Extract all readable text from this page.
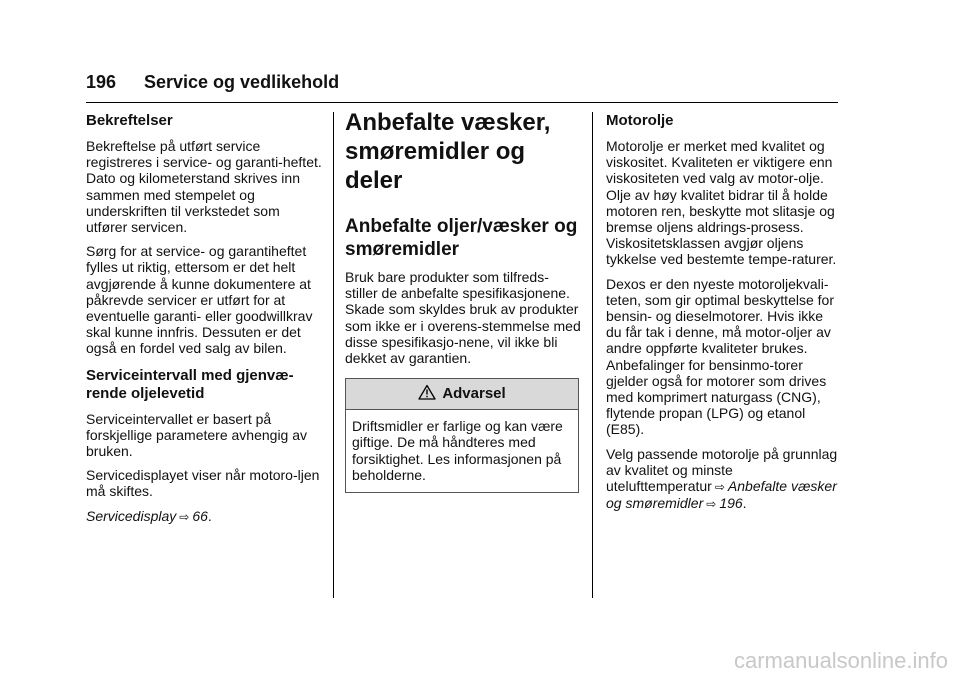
196 Service og vedlikehold
Bekreftelser

Bekreftelse på utført service registreres i service- og garanti-heftet. Dato og kilometerstand skrives inn sammen med stempelet og underskriften til verkstedet som utfører servicen.

Sørg for at service- og garantiheftet fylles ut riktig, ettersom er det helt avgjørende å kunne dokumentere at påkrevde servicer er utført for at eventuelle garanti- eller goodwillkrav skal kunne innfris. Dessuten er det også en fordel ved salg av bilen.

Serviceintervall med gjenvæ-rende oljelevetid

Serviceintervallet er basert på forskjellige parametere avhengig av bruken.

Servicedisplayet viser når motoro-ljen må skiftes.

Servicedisplay ⇨ 66.

Anbefalte væsker, smøremidler og deler
Anbefalte oljer/væsker og smøremidler

Bruk bare produkter som tilfreds-stiller de anbefalte spesifikasjonene. Skade som skyldes bruk av produkter som ikke er i overens-stemmelse med disse spesifikasjo-nene, vil ikke bli dekket av garantien.

Advarsel
Driftsmidler er farlige og kan være giftige. De må håndteres med forsiktighet. Les informasjonen på beholderne.
Motorolje

Motorolje er merket med kvalitet og viskositet. Kvaliteten er viktigere enn viskositeten ved valg av motor-olje. Olje av høy kvalitet bidrar til å holde motoren ren, beskytte mot slitasje og bremse oljens aldrings-prosess. Viskositetsklassen avgjør oljens tykkelse ved bestemte tempe-raturer.

Dexos er den nyeste motoroljekvali-teten, som gir optimal beskyttelse for bensin- og dieselmotorer. Hvis ikke du får tak i denne, må motor-oljer av andre oppførte kvaliteter brukes. Anbefalinger for bensinmo-torer gjelder også for motorer som drives med komprimert naturgass (CNG), flytende propan (LPG) og etanol (E85).

Velg passende motorolje på grunnlag av kvalitet og minste utelufttemperatur ⇨ Anbefalte væsker og smøremidler ⇨ 196.

carmanualsonline.info
